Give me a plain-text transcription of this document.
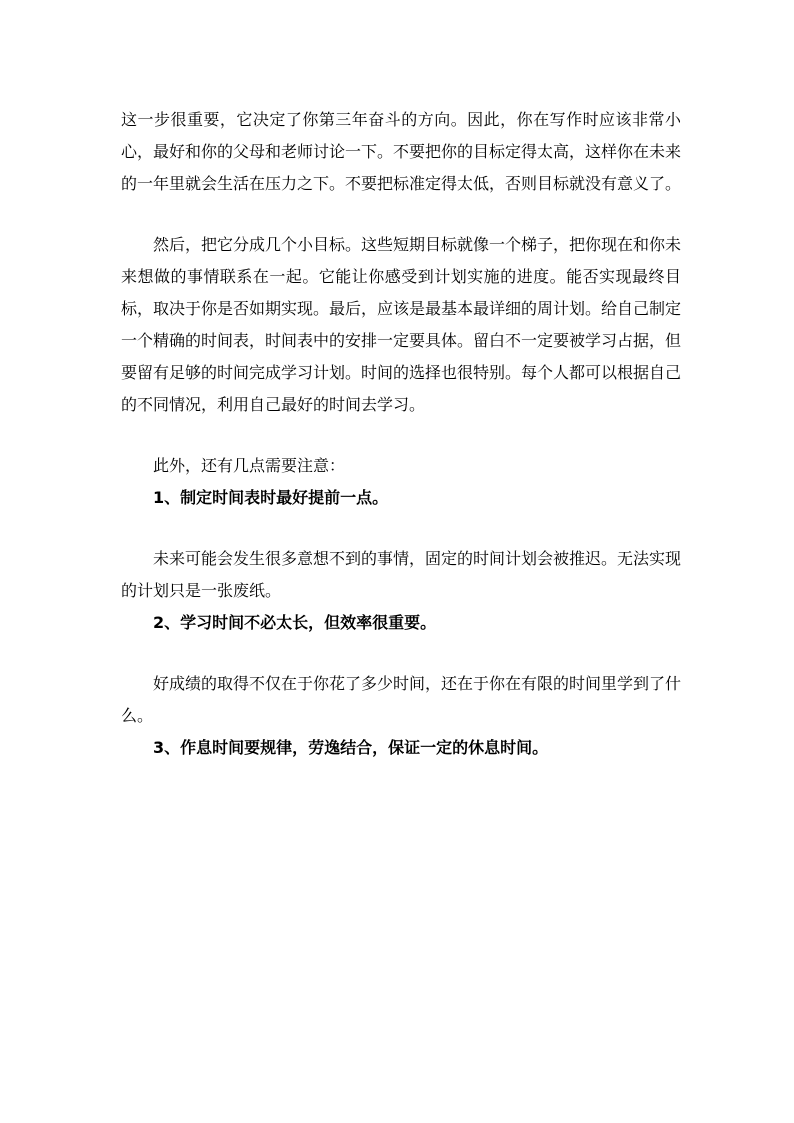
这一步很重要，它决定了你第三年奋斗的方向。因此，你在写作时应该非常小心，最好和你的父母和老师讨论一下。不要把你的目标定得太高，这样你在未来的一年里就会生活在压力之下。不要把标准定得太低，否则目标就没有意义了。

然后，把它分成几个小目标。这些短期目标就像一个梯子，把你现在和你未来想做的事情联系在一起。它能让你感受到计划实施的进度。能否实现最终目标，取决于你是否如期实现。最后，应该是最基本最详细的周计划。给自己制定一个精确的时间表，时间表中的安排一定要具体。留白不一定要被学习占据，但要留有足够的时间完成学习计划。时间的选择也很特别。每个人都可以根据自己的不同情况，利用自己最好的时间去学习。

此外，还有几点需要注意：

1、制定时间表时最好提前一点。

未来可能会发生很多意想不到的事情，固定的时间计划会被推迟。无法实现的计划只是一张废纸。

2、学习时间不必太长，但效率很重要。

好成绩的取得不仅在于你花了多少时间，还在于你在有限的时间里学到了什么。

3、作息时间要规律，劳逸结合，保证一定的休息时间。
